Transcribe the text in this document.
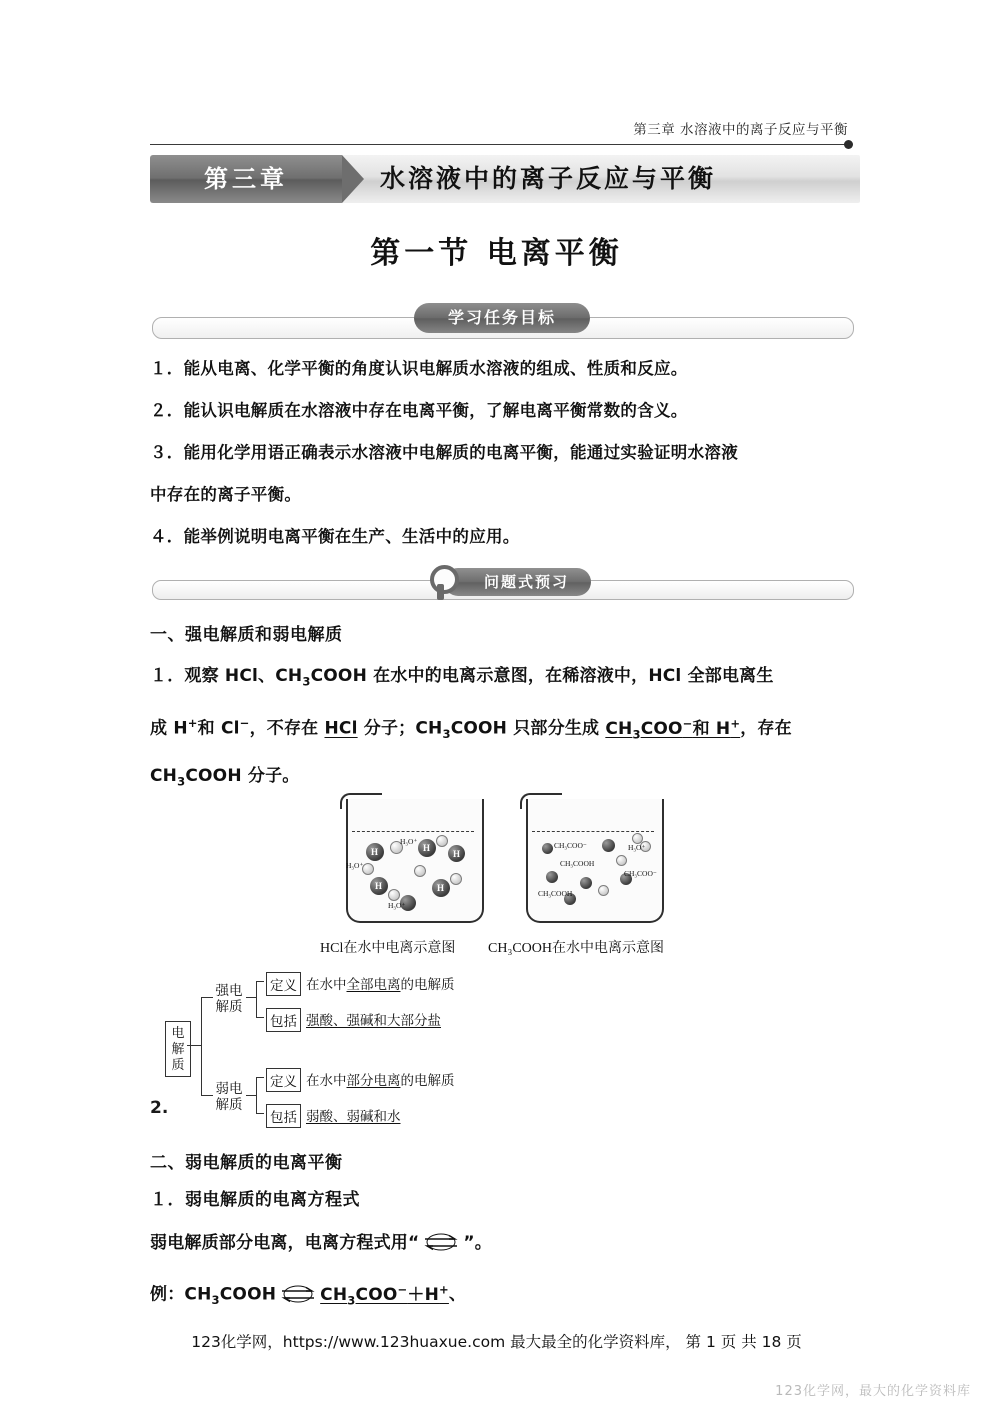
第三章 水溶液中的离子反应与平衡
第三章	水溶液中的离子反应与平衡
第一节 电离平衡
学习任务目标
１．能从电离、化学平衡的角度认识电解质水溶液的组成、性质和反应。
２．能认识电解质在水溶液中存在电离平衡，了解电离平衡常数的含义。
３．能用化学用语正确表示水溶液中电解质的电离平衡，能通过实验证明水溶液
中存在的离子平衡。
４．能举例说明电离平衡在生产、生活中的应用。
问题式预习
一、强电解质和弱电解质
１．观察 HCl、$CH_3COOH$ 在水中的电离示意图，在稀溶液中，HCl 全部电离生
成 H+和 Cl−，不存在 HCl 分子；$CH_3COOH$ 只部分生成 $CH_3COO^-$和 H+，存在
$CH_3COOH$ 分子。
H	H
H
H	H
H₃O⁺
H₃O⁺
H₃O⁺
CH₃COO⁻	H₃O⁺
CH₃COOH
CH₃COO⁻
CH₃COOH
HCl在水中电离示意图 CH₃COOH在水中电离示意图
电
解
质
强电
解质
定义 在水中全部电离的电解质
包括 强酸、强碱和大部分盐
弱电
解质
定义 在水中部分电离的电解质
包括 弱酸、弱碱和水
2.
二、弱电解质的电离平衡
１．弱电解质的电离方程式
弱电解质部分电离，电离方程式用“ ⇌ ”。
例：$CH_3COOH$ ⇌ $CH_3COO^-+H^+$、
123化学网，https://www.123huaxue.com 最大最全的化学资料库， 第 1 页 共 18 页
123化学网，最大的化学资料库
